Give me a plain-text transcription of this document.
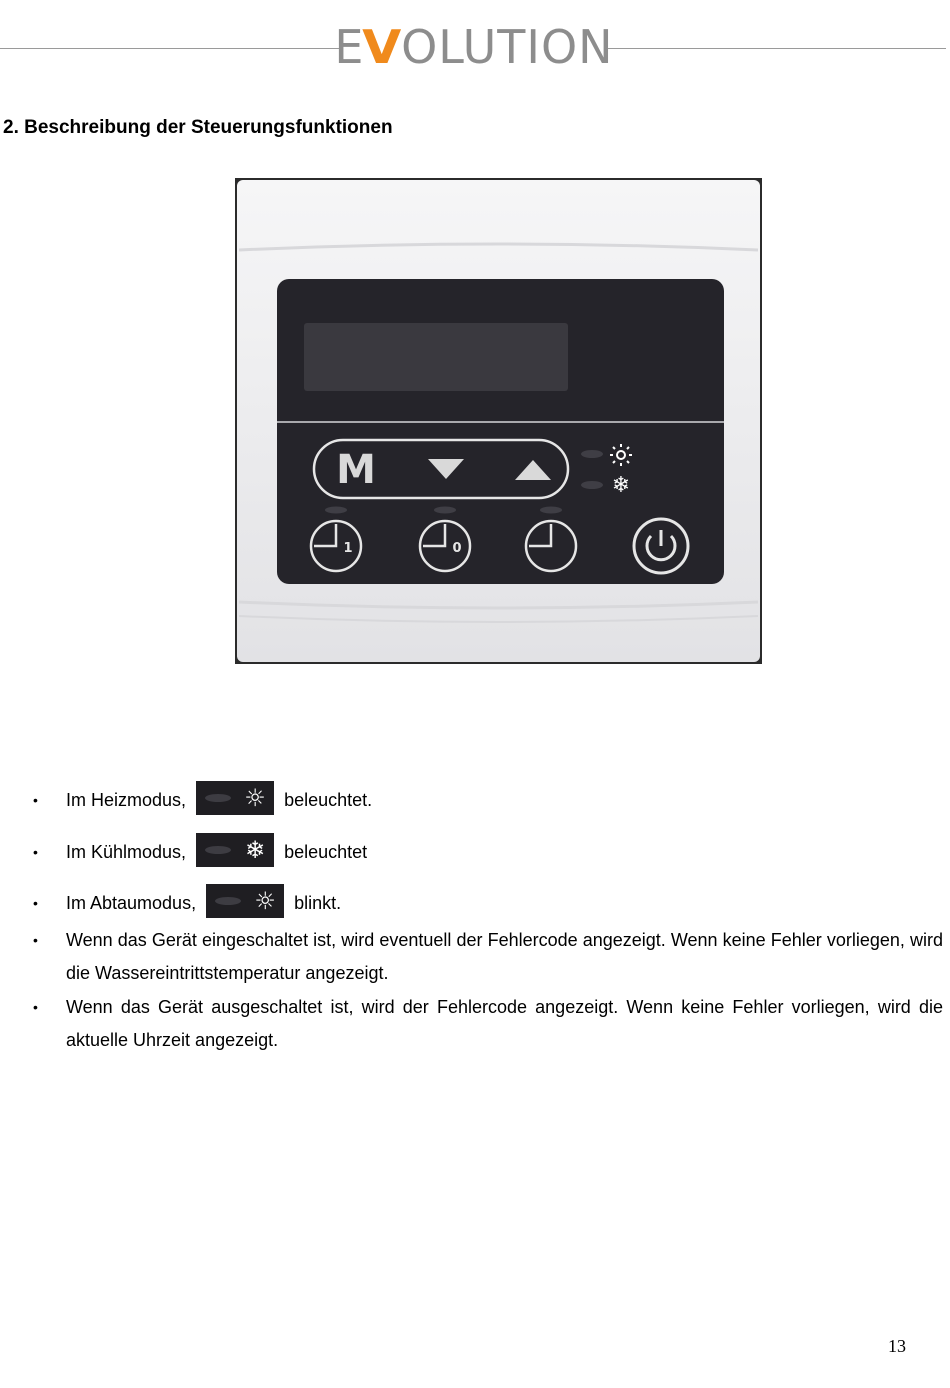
E
V
OLUTION
2. Beschreibung der Steuerungsfunktionen
M	❄
1	0
• Im Heizmodus, ☼ beleuchtet.
• Im Kühlmodus, ❄ beleuchtet
• Im Abtaumodus, ☼ blinkt.
• Wenn das Gerät eingeschaltet ist, wird eventuell der Fehlercode angezeigt. Wenn keine Fehler vorliegen, wird die Wassereintrittstemperatur angezeigt.
• Wenn das Gerät ausgeschaltet ist, wird der Fehlercode angezeigt. Wenn keine Fehler vorliegen, wird die aktuelle Uhrzeit angezeigt.
13
